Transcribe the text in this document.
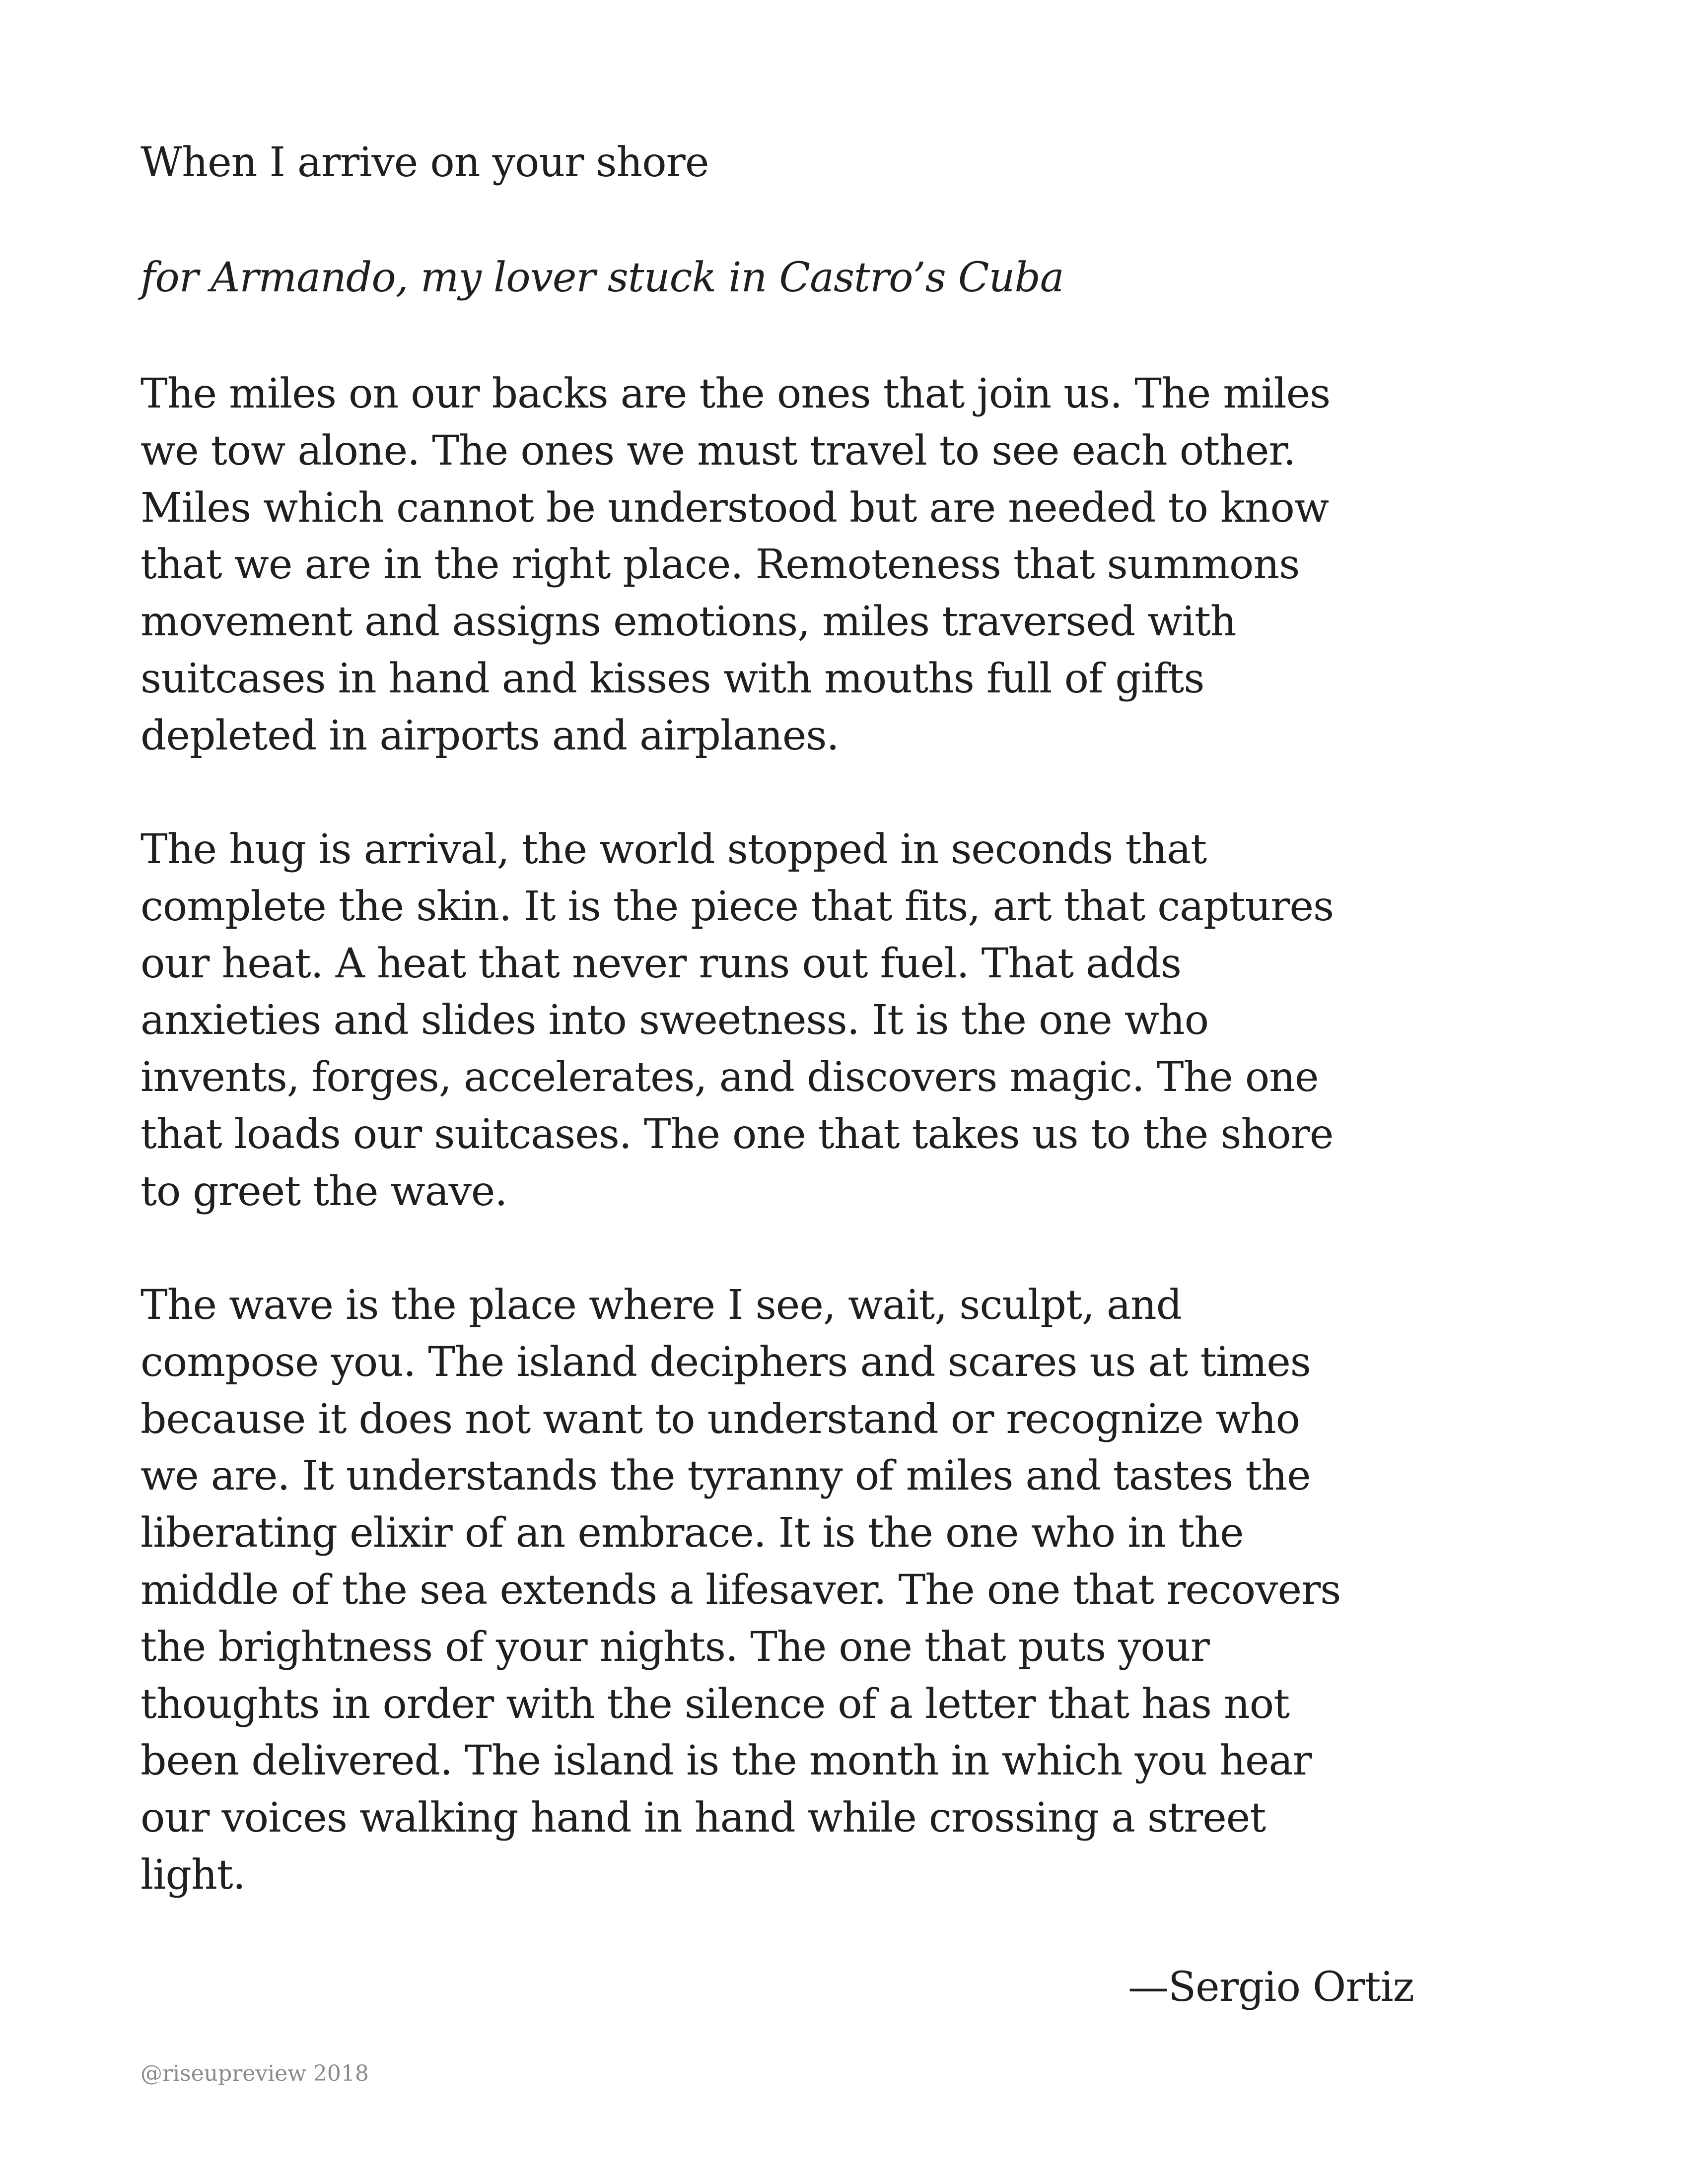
When I arrive on your shore

for Armando, my lover stuck in Castro’s Cuba

The miles on our backs are the ones that join us. The miles
we tow alone. The ones we must travel to see each other.
Miles which cannot be understood but are needed to know
that we are in the right place. Remoteness that summons
movement and assigns emotions, miles traversed with
suitcases in hand and kisses with mouths full of gifts
depleted in airports and airplanes.

The hug is arrival, the world stopped in seconds that
complete the skin. It is the piece that fits, art that captures
our heat. A heat that never runs out fuel. That adds
anxieties and slides into sweetness. It is the one who
invents, forges, accelerates, and discovers magic. The one
that loads our suitcases. The one that takes us to the shore
to greet the wave.

The wave is the place where I see, wait, sculpt, and
compose you. The island deciphers and scares us at times
because it does not want to understand or recognize who
we are. It understands the tyranny of miles and tastes the
liberating elixir of an embrace. It is the one who in the
middle of the sea extends a lifesaver. The one that recovers
the brightness of your nights. The one that puts your
thoughts in order with the silence of a letter that has not
been delivered. The island is the month in which you hear
our voices walking hand in hand while crossing a street
light.

—Sergio Ortiz

@riseupreview 2018
